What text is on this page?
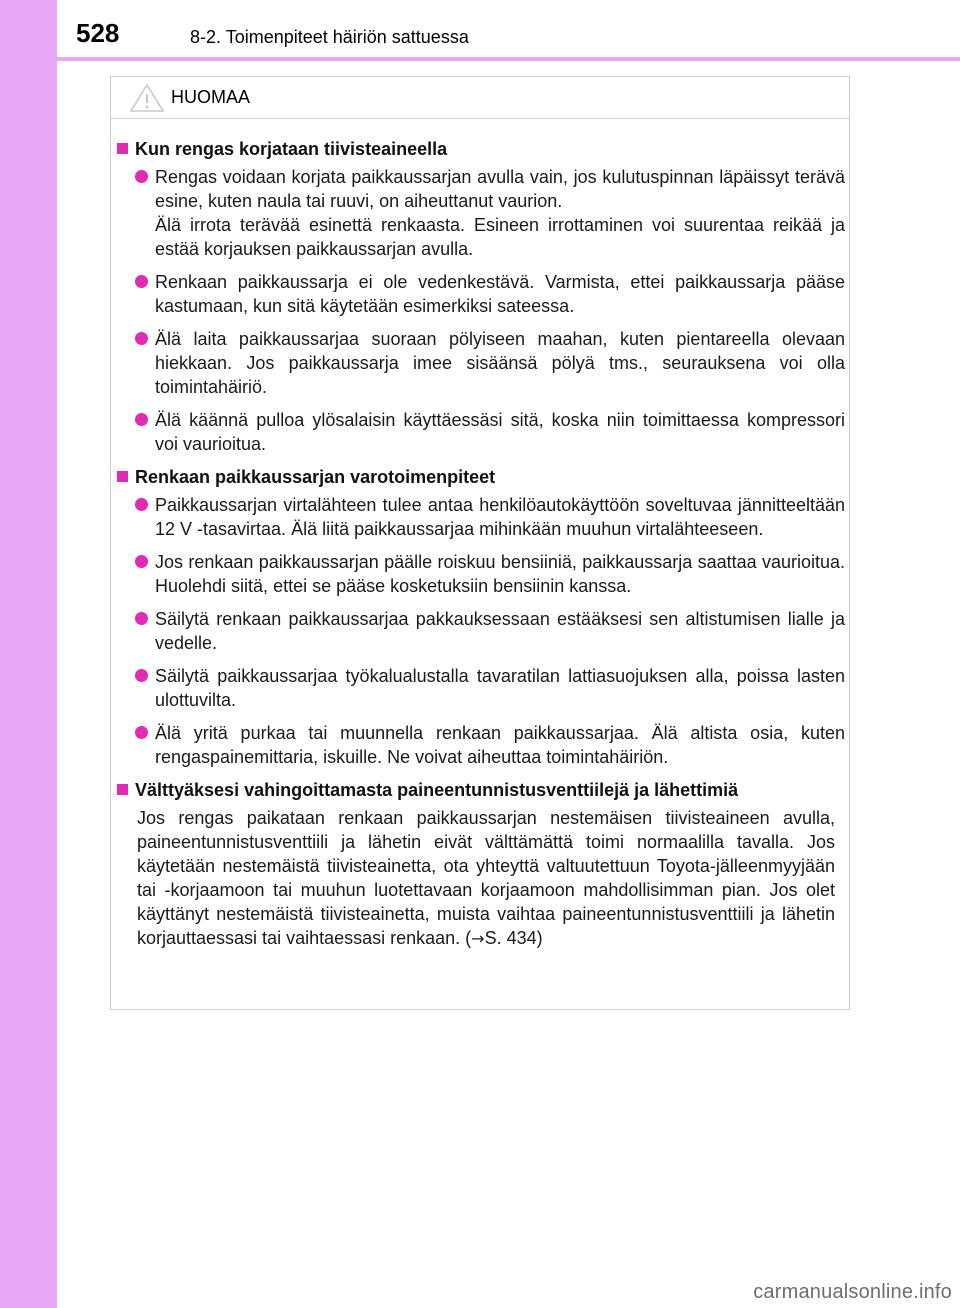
528	8-2. Toimenpiteet häiriön sattuessa
HUOMAA
Kun rengas korjataan tiivisteaineella
Rengas voidaan korjata paikkaussarjan avulla vain, jos kulutuspinnan läpäissyt terävä esine, kuten naula tai ruuvi, on aiheuttanut vaurion.
Älä irrota terävää esinettä renkaasta. Esineen irrottaminen voi suurentaa reikää ja estää korjauksen paikkaussarjan avulla.
Renkaan paikkaussarja ei ole vedenkestävä. Varmista, ettei paikkaussarja pääse kastumaan, kun sitä käytetään esimerkiksi sateessa.
Älä laita paikkaussarjaa suoraan pölyiseen maahan, kuten pientareella olevaan hiekkaan. Jos paikkaussarja imee sisäänsä pölyä tms., seurauksena voi olla toimintahäiriö.
Älä käännä pulloa ylösalaisin käyttäessäsi sitä, koska niin toimittaessa kompressori voi vaurioitua.
Renkaan paikkaussarjan varotoimenpiteet
Paikkaussarjan virtalähteen tulee antaa henkilöautokäyttöön soveltuvaa jännitteeltään 12 V -tasavirtaa. Älä liitä paikkaussarjaa mihinkään muuhun virtalähteeseen.
Jos renkaan paikkaussarjan päälle roiskuu bensiiniä, paikkaussarja saattaa vaurioitua. Huolehdi siitä, ettei se pääse kosketuksiin bensiinin kanssa.
Säilytä renkaan paikkaussarjaa pakkauksessaan estääksesi sen altistumisen lialle ja vedelle.
Säilytä paikkaussarjaa työkalualustalla tavaratilan lattiasuojuksen alla, poissa lasten ulottuvilta.
Älä yritä purkaa tai muunnella renkaan paikkaussarjaa. Älä altista osia, kuten rengaspainemittaria, iskuille. Ne voivat aiheuttaa toimintahäiriön.
Välttyäksesi vahingoittamasta paineentunnistusventtiilejä ja lähettimiä
Jos rengas paikataan renkaan paikkaussarjan nestemäisen tiivisteaineen avulla, paineentunnistusventtiili ja lähetin eivät välttämättä toimi normaalilla tavalla. Jos käytetään nestemäistä tiivisteainetta, ota yhteyttä valtuutettuun Toyota-jälleenmyyjään tai -korjaamoon tai muuhun luotettavaan korjaamoon mahdollisimman pian. Jos olet käyttänyt nestemäistä tiivisteainetta, muista vaihtaa paineentunnistusventtiili ja lähetin korjauttaessasi tai vaihtaessasi renkaan. (→S. 434)
carmanualsonline.info
